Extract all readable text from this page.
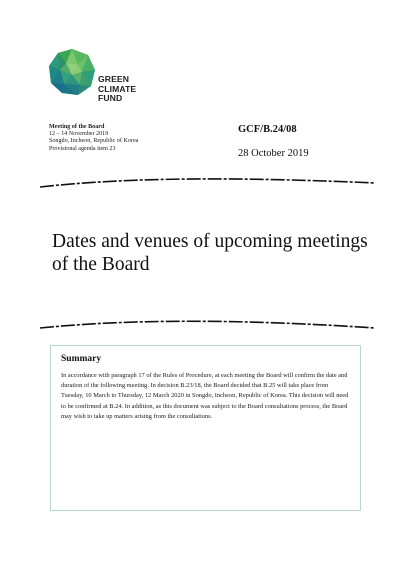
GREEN
CLIMATE
FUND
Meeting of the Board
12 – 14 November 2019
Songdo, Incheon, Republic of Korea
Provisional agenda item 23
GCF/B.24/08
28 October 2019
Dates and venues of upcoming meetings of the Board
Summary
In accordance with paragraph 17 of the Rules of Procedure, at each meeting the Board will confirm the date and duration of the following meeting. In decision B.23/18, the Board decided that B.25 will take place from Tuesday, 10 March to Thursday, 12 March 2020 in Songdo, Incheon, Republic of Korea. This decision will need to be confirmed at B.24. In addition, as this document was subject to the Board consultations process, the Board may wish to take up matters arising from the consultations.
